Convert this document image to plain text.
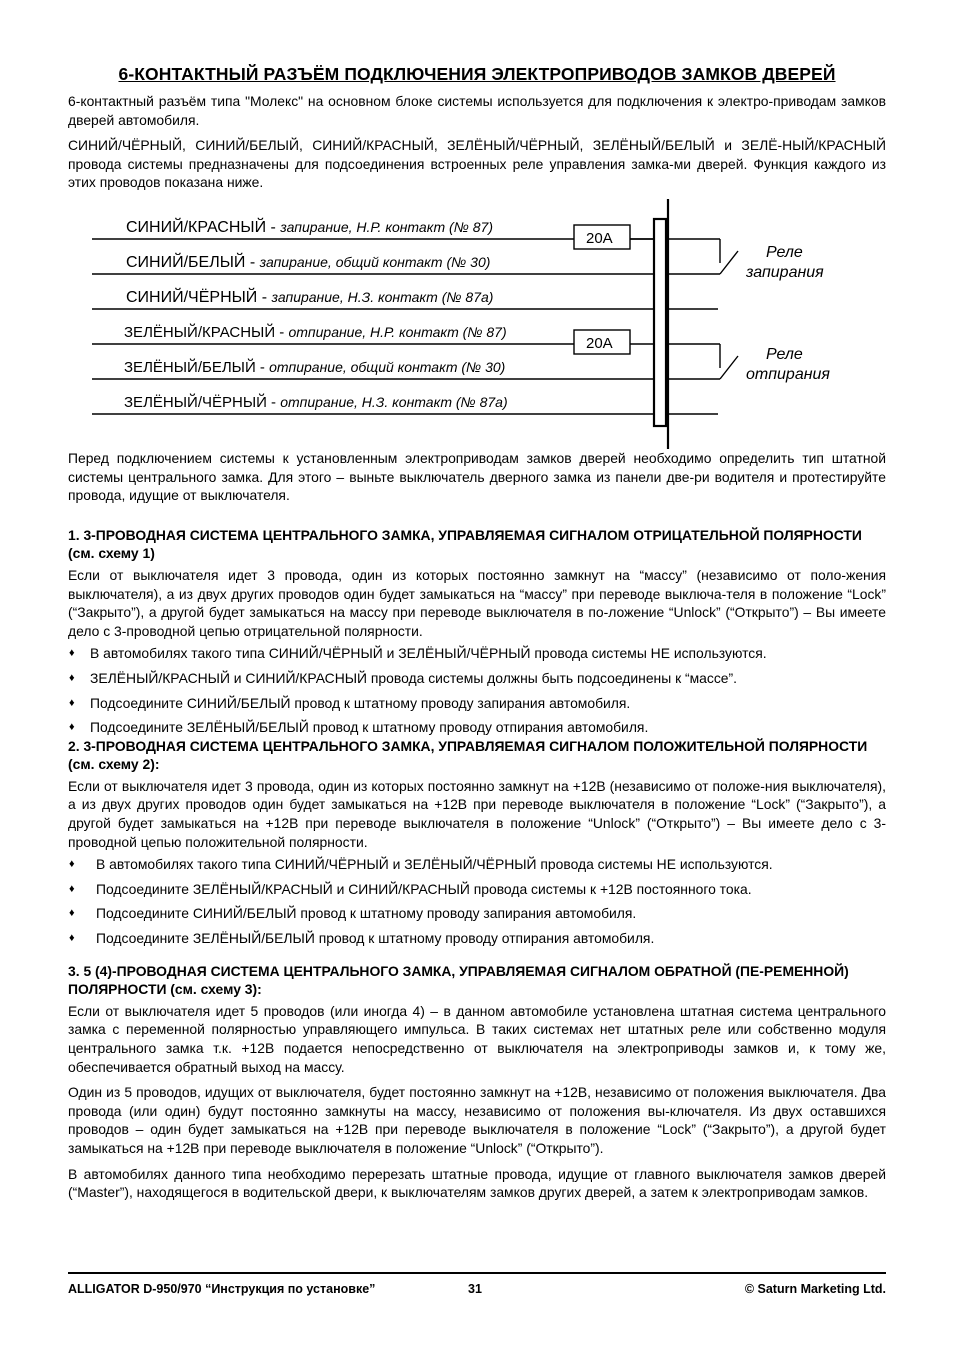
6-КОНТАКТНЫЙ РАЗЪЁМ ПОДКЛЮЧЕНИЯ ЭЛЕКТРОПРИВОДОВ ЗАМКОВ ДВЕРЕЙ

6-контактный разъём типа "Молекс" на основном блоке системы используется для подключения к электро-приводам замков дверей автомобиля.

СИНИЙ/ЧЁРНЫЙ, СИНИЙ/БЕЛЫЙ, СИНИЙ/КРАСНЫЙ, ЗЕЛЁНЫЙ/ЧЁРНЫЙ, ЗЕЛЁНЫЙ/БЕЛЫЙ и ЗЕЛЁ-НЫЙ/КРАСНЫЙ провода системы предназначены для подсоединения встроенных реле управления замка-ми дверей. Функция каждого из этих проводов показана ниже.

СИНИЙ/КРАСНЫЙ - запирание, Н.Р. контакт (№ 87)
СИНИЙ/БЕЛЫЙ - запирание, общий контакт (№ 30)
СИНИЙ/ЧЁРНЫЙ - запирание, Н.З. контакт (№ 87а)
ЗЕЛЁНЫЙ/КРАСНЫЙ - отпирание, Н.Р. контакт (№ 87)
ЗЕЛЁНЫЙ/БЕЛЫЙ - отпирание, общий контакт (№ 30)
ЗЕЛЁНЫЙ/ЧЁРНЫЙ - отпирание, Н.З. контакт (№ 87а)
20А
20А
Реле
запирания
Реле
отпирания

Перед подключением системы к установленным электроприводам замков дверей необходимо определить тип штатной системы центрального замка. Для этого – выньте выключатель дверного замка из панели две-ри водителя и протестируйте провода, идущие от выключателя.

1. 3-ПРОВОДНАЯ СИСТЕМА ЦЕНТРАЛЬНОГО ЗАМКА, УПРАВЛЯЕМАЯ СИГНАЛОМ ОТРИЦАТЕЛЬНОЙ ПОЛЯРНОСТИ (см. схему 1)

Если от выключателя идет 3 провода, один из которых постоянно замкнут на “массу” (независимо от поло-жения выключателя), а из двух других проводов один будет замыкаться на “массу” при переводе выключа-теля в положение “Lock” (“Закрыто”), а другой будет замыкаться на массу при переводе выключателя в по-ложение “Unlock” (“Открыто”) – Вы имеете дело с 3-проводной цепью отрицательной полярности.

♦ В автомобилях такого типа СИНИЙ/ЧЁРНЫЙ и ЗЕЛЁНЫЙ/ЧЁРНЫЙ провода системы НЕ используются.
♦ ЗЕЛЁНЫЙ/КРАСНЫЙ и СИНИЙ/КРАСНЫЙ провода системы должны быть подсоединены к “массе”.
♦ Подсоедините СИНИЙ/БЕЛЫЙ провод к штатному проводу запирания автомобиля.
♦ Подсоедините ЗЕЛЁНЫЙ/БЕЛЫЙ провод к штатному проводу отпирания автомобиля.
2. 3-ПРОВОДНАЯ СИСТЕМА ЦЕНТРАЛЬНОГО ЗАМКА, УПРАВЛЯЕМАЯ СИГНАЛОМ ПОЛОЖИТЕЛЬНОЙ ПОЛЯРНОСТИ (см. схему 2):

Если от выключателя идет 3 провода, один из которых постоянно замкнут на +12В (независимо от положе-ния выключателя), а из двух других проводов один будет замыкаться на +12В при переводе выключателя в положение “Lock” (“Закрыто”), а другой будет замыкаться на +12В при переводе выключателя в положение “Unlock” (“Открыто”) – Вы имеете дело с 3-проводной цепью положительной полярности.

♦ В автомобилях такого типа СИНИЙ/ЧЁРНЫЙ и ЗЕЛЁНЫЙ/ЧЁРНЫЙ провода системы НЕ используются.
♦ Подсоедините ЗЕЛЁНЫЙ/КРАСНЫЙ и СИНИЙ/КРАСНЫЙ провода системы к +12В постоянного тока.
♦ Подсоедините СИНИЙ/БЕЛЫЙ провод к штатному проводу запирания автомобиля.
♦ Подсоедините ЗЕЛЁНЫЙ/БЕЛЫЙ провод к штатному проводу отпирания автомобиля.
3. 5 (4)-ПРОВОДНАЯ СИСТЕМА ЦЕНТРАЛЬНОГО ЗАМКА, УПРАВЛЯЕМАЯ СИГНАЛОМ ОБРАТНОЙ (ПЕ-РЕМЕННОЙ) ПОЛЯРНОСТИ (см. схему 3):

Если от выключателя идет 5 проводов (или иногда 4) – в данном автомобиле установлена штатная система центрального замка с переменной полярностью управляющего импульса. В таких системах нет штатных реле или собственно модуля центрального замка т.к. +12В подается непосредственно от выключателя на электроприводы замков и, к тому же, обеспечивается обратный выход на массу.

Один из 5 проводов, идущих от выключателя, будет постоянно замкнут на +12В, независимо от положения выключателя. Два провода (или один) будут постоянно замкнуты на массу, независимо от положения вы-ключателя. Из двух оставшихся проводов – один будет замыкаться на +12В при переводе выключателя в положение “Lock” (“Закрыто”), а другой будет замыкаться на +12В при переводе выключателя в положение “Unlock” (“Открыто”).

В автомобилях данного типа необходимо перерезать штатные провода, идущие от главного выключателя замков дверей (“Master”), находящегося в водительской двери, к выключателям замков других дверей, а затем к электроприводам замков.

ALLIGATOR D-950/970 “Инструкция по установке”	31	© Saturn Marketing Ltd.
